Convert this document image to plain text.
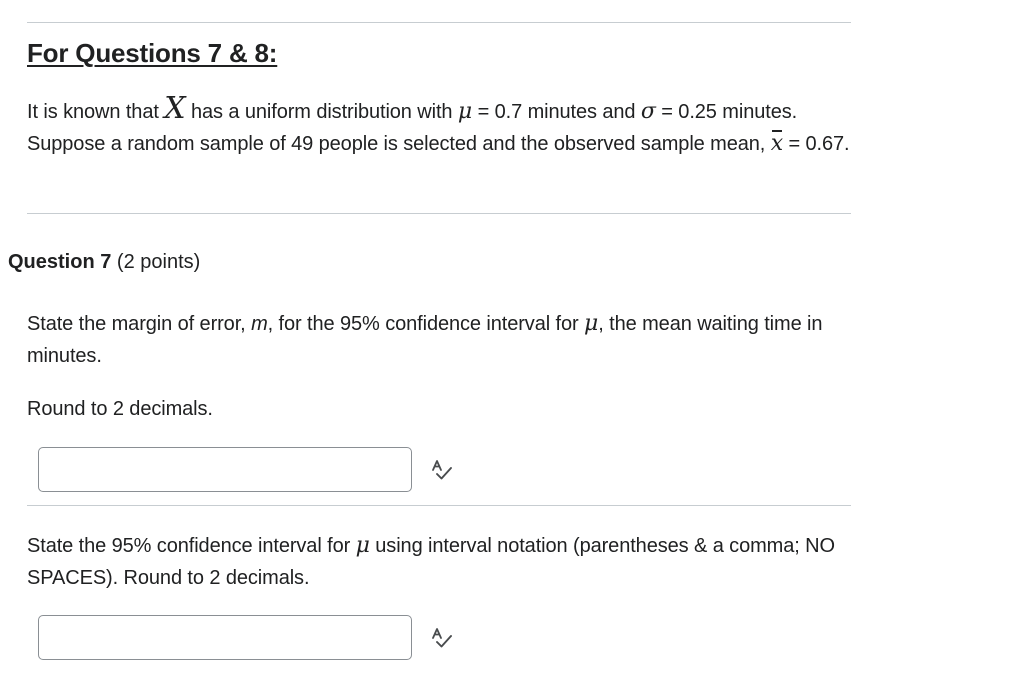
For Questions 7 & 8:
It is known that X has a uniform distribution with μ = 0.7 minutes and σ = 0.25 minutes. Suppose a random sample of 49 people is selected and the observed sample mean, x = 0.67.
Question 7 (2 points)
State the margin of error, m, for the 95% confidence interval for μ, the mean waiting time in minutes.
Round to 2 decimals.
State the 95% confidence interval for μ using interval notation (parentheses & a comma; NO SPACES). Round to 2 decimals.
